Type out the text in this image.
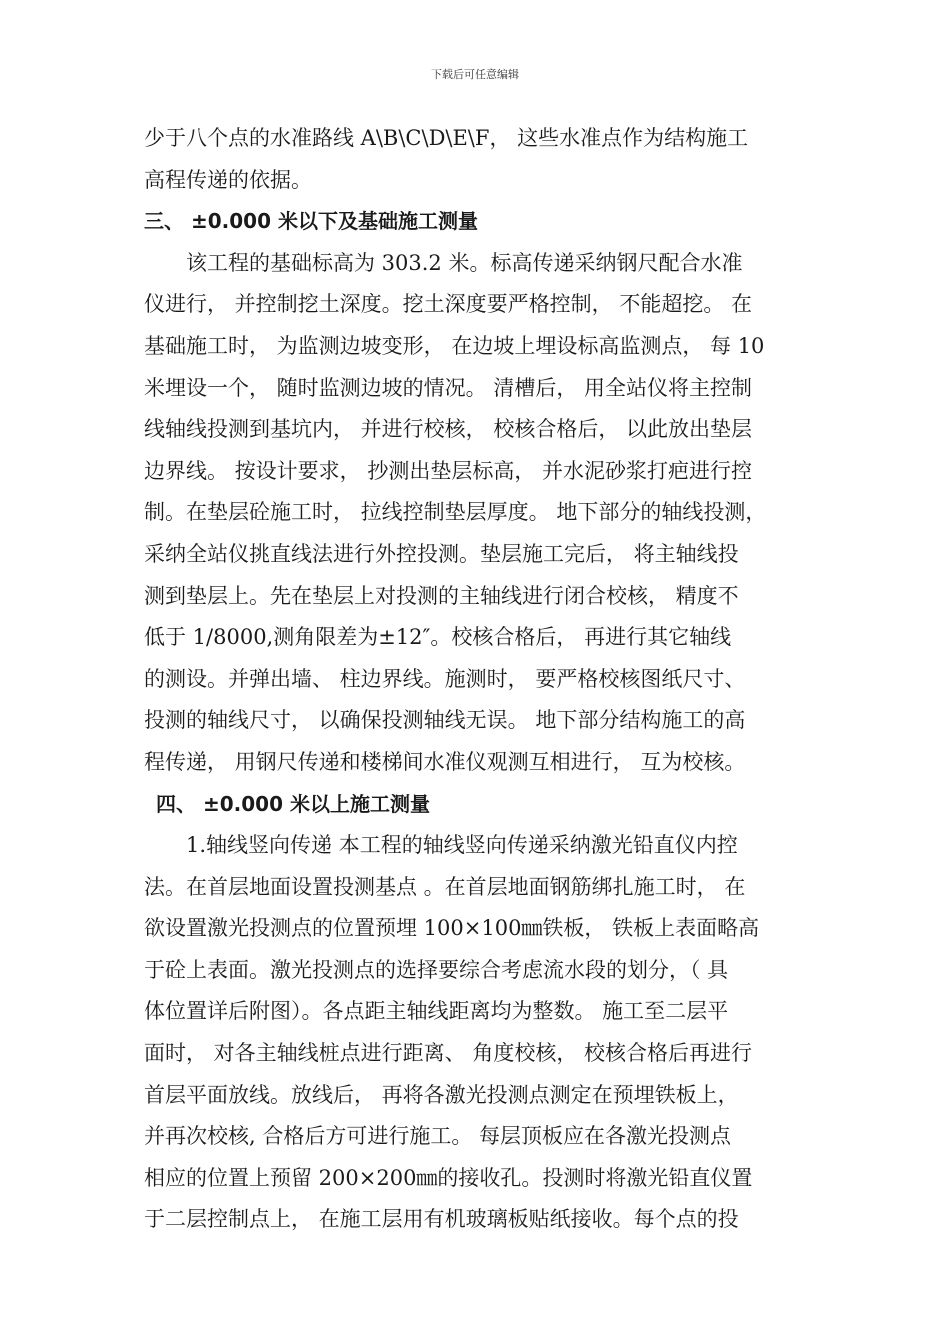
下载后可任意编辑
少于八个点的水准路线 A\B\C\D\E\F， 这些水准点作为结构施工
高程传递的依据。
三、 ±0.000 米以下及基础施工测量
　　该工程的基础标高为 303.2 米。标高传递采纳钢尺配合水准
仪进行， 并控制挖土深度。挖土深度要严格控制， 不能超挖。 在
基础施工时， 为监测边坡变形， 在边坡上埋设标高监测点， 每 10
米埋设一个， 随时监测边坡的情况。 清槽后， 用全站仪将主控制
线轴线投测到基坑内， 并进行校核， 校核合格后， 以此放出垫层
边界线。 按设计要求， 抄测出垫层标高， 并水泥砂浆打疤进行控
制。在垫层砼施工时， 拉线控制垫层厚度。 地下部分的轴线投测，
采纳全站仪挑直线法进行外控投测。垫层施工完后， 将主轴线投
测到垫层上。先在垫层上对投测的主轴线进行闭合校核， 精度不
低于 1/8000,测角限差为±12″。校核合格后， 再进行其它轴线
的测设。并弹出墙、 柱边界线。施测时， 要严格校核图纸尺寸、
投测的轴线尺寸， 以确保投测轴线无误。 地下部分结构施工的高
程传递， 用钢尺传递和楼梯间水准仪观测互相进行， 互为校核。
四、 ±0.000 米以上施工测量
　　1.轴线竖向传递 本工程的轴线竖向传递采纳激光铅直仪内控
法。在首层地面设置投测基点 。在首层地面钢筋绑扎施工时， 在
欲设置激光投测点的位置预埋 100×100㎜铁板， 铁板上表面略高
于砼上表面。激光投测点的选择要综合考虑流水段的划分，（ 具
体位置详后附图）。各点距主轴线距离均为整数。 施工至二层平
面时， 对各主轴线桩点进行距离、 角度校核， 校核合格后再进行
首层平面放线。放线后， 再将各激光投测点测定在预埋铁板上，
并再次校核, 合格后方可进行施工。 每层顶板应在各激光投测点
相应的位置上预留 200×200㎜的接收孔。投测时将激光铅直仪置
于二层控制点上， 在施工层用有机玻璃板贴纸接收。每个点的投
